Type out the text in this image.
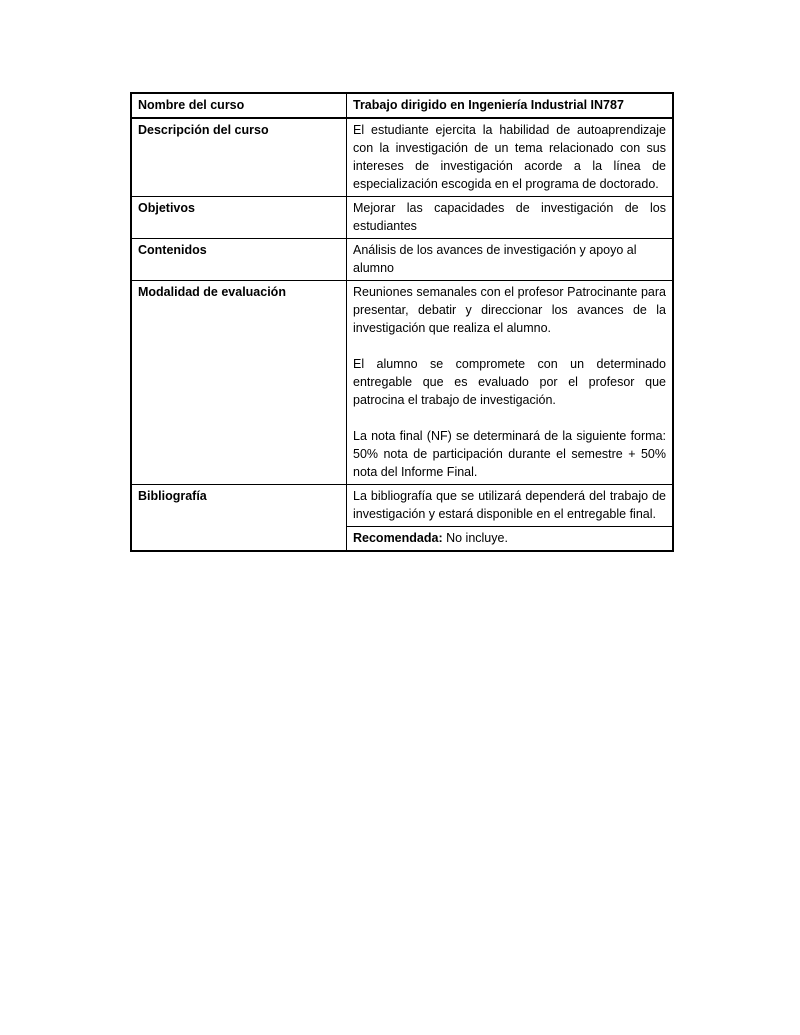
Nombre del curso	Trabajo dirigido en Ingeniería Industrial IN787
Descripción del curso	El estudiante ejercita la habilidad de autoaprendizaje con la investigación de un tema relacionado con sus intereses de investigación acorde a la línea de especialización escogida en el programa de doctorado.
Objetivos	Mejorar las capacidades de investigación de los estudiantes
Contenidos	Análisis de los avances de investigación y apoyo al alumno
Modalidad de evaluación	Reuniones semanales con el profesor Patrocinante para presentar, debatir y direccionar los avances de la investigación que realiza el alumno.

El alumno se compromete con un determinado entregable que es evaluado por el profesor que patrocina el trabajo de investigación.

La nota final (NF) se determinará de la siguiente forma: 50% nota de participación durante el semestre + 50% nota del Informe Final.

Bibliografía	La bibliografía que se utilizará dependerá del trabajo de investigación y estará disponible en el entregable final.
	Recomendada: No incluye.
